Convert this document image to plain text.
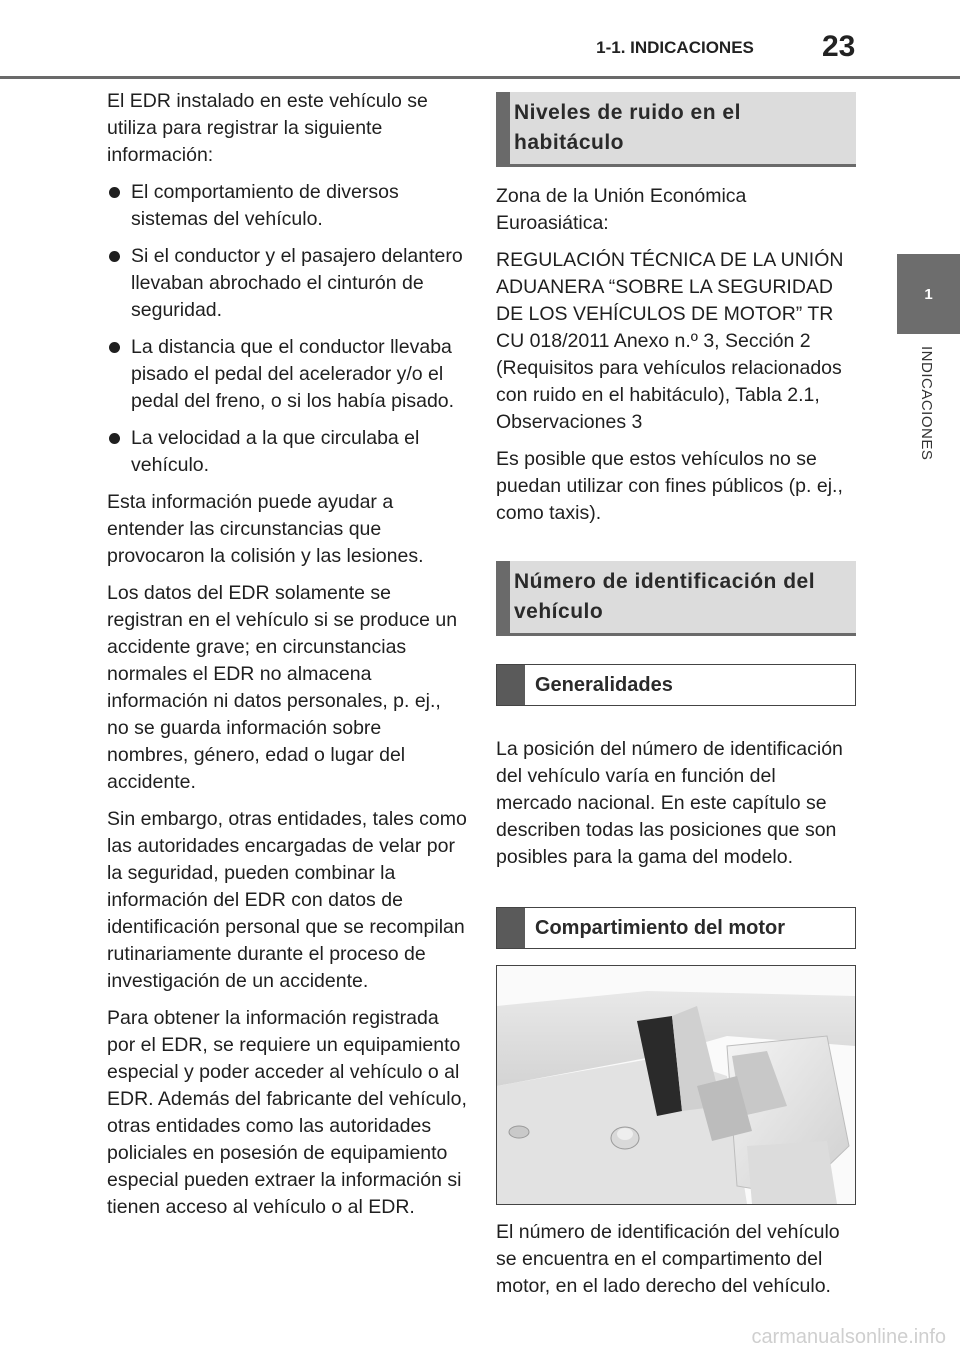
1-1. INDICACIONES	23
1
INDICACIONES

El EDR instalado en este vehículo se utiliza para registrar la siguiente información:

El comportamiento de diversos sistemas del vehículo.
Si el conductor y el pasajero delantero llevaban abrochado el cinturón de seguridad.
La distancia que el conductor llevaba pisado el pedal del acelerador y/o el pedal del freno, o si los había pisado.
La velocidad a la que circulaba el vehículo.

Esta información puede ayudar a entender las circunstancias que provocaron la colisión y las lesiones.

Los datos del EDR solamente se registran en el vehículo si se produce un accidente grave; en circunstancias normales el EDR no almacena información ni datos personales, p. ej., no se guarda información sobre nombres, género, edad o lugar del accidente.

Sin embargo, otras entidades, tales como las autoridades encargadas de velar por la seguridad, pueden combinar la información del EDR con datos de identificación personal que se recompilan rutinariamente durante el proceso de investigación de un accidente.

Para obtener la información registrada por el EDR, se requiere un equipamiento especial y poder acceder al vehículo o al EDR. Además del fabricante del vehículo, otras entidades como las autoridades policiales en posesión de equipamiento especial pueden extraer la información si tienen acceso al vehículo o al EDR.

Niveles de ruido en el habitáculo

Zona de la Unión Económica Euroasiática:

REGULACIÓN TÉCNICA DE LA UNIÓN ADUANERA “SOBRE LA SEGURIDAD DE LOS VEHÍCULOS DE MOTOR” TR CU 018/2011 Anexo n.º 3, Sección 2 (Requisitos para vehículos relacionados con ruido en el habitáculo), Tabla 2.1, Observaciones 3

Es posible que estos vehículos no se puedan utilizar con fines públicos (p. ej., como taxis).

Número de identificación del vehículo
Generalidades

La posición del número de identificación del vehículo varía en función del mercado nacional. En este capítulo se describen todas las posiciones que son posibles para la gama del modelo.

Compartimiento del motor

El número de identificación del vehículo se encuentra en el compartimento del motor, en el lado derecho del vehículo.

carmanualsonline.info
